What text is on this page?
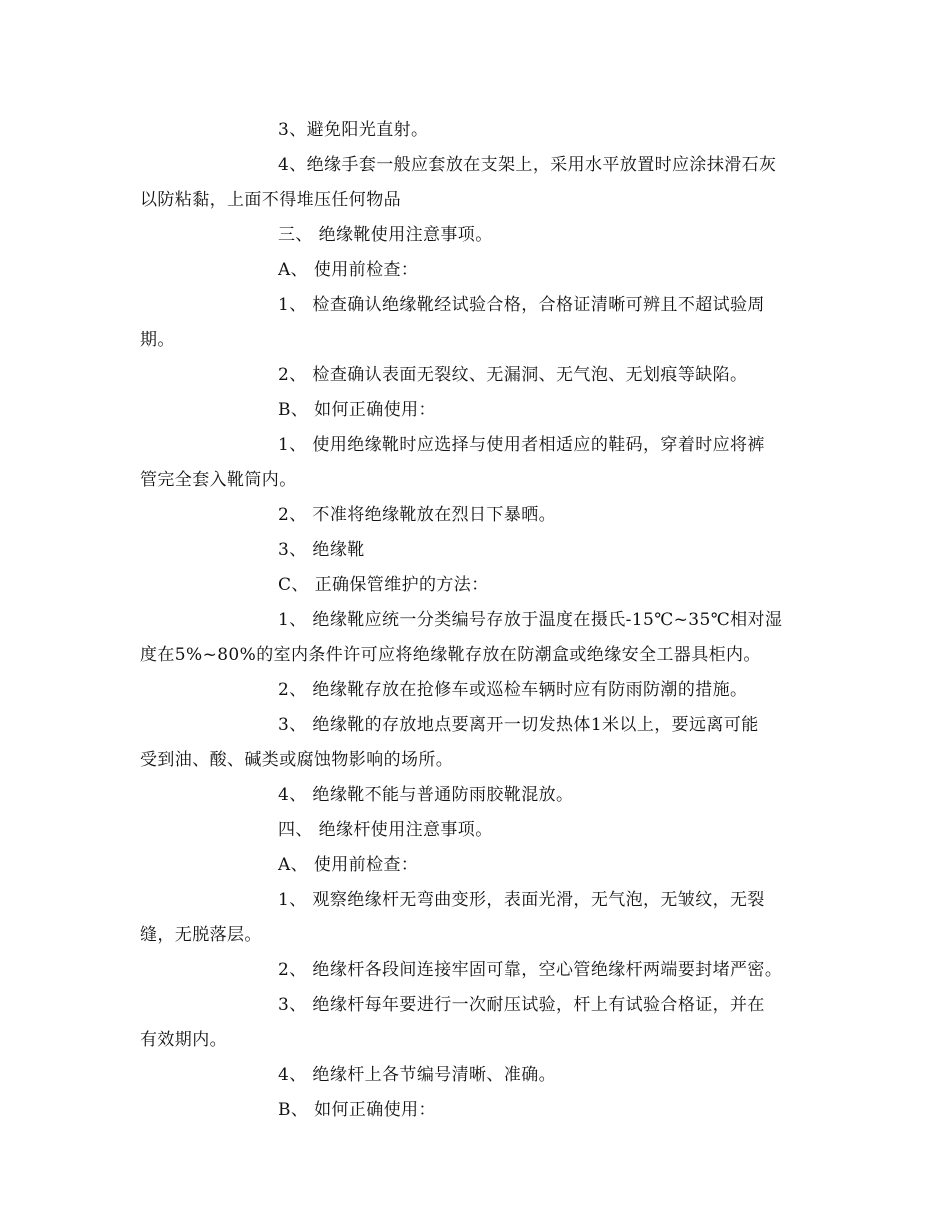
3、避免阳光直射。
4、绝缘手套一般应套放在支架上，采用水平放置时应涂抹滑石灰
以防粘黏，上面不得堆压任何物品
三、 绝缘靴使用注意事项。
A、 使用前检查：
1、 检查确认绝缘靴经试验合格，合格证清晰可辨且不超试验周
期。
2、 检查确认表面无裂纹、无漏洞、无气泡、无划痕等缺陷。
B、 如何正确使用：
1、 使用绝缘靴时应选择与使用者相适应的鞋码，穿着时应将裤
管完全套入靴筒内。
2、 不准将绝缘靴放在烈日下暴晒。
3、 绝缘靴
C、 正确保管维护的方法：
1、 绝缘靴应统一分类编号存放于温度在摄氏-15℃~35℃相对湿
度在5%~80%的室内条件许可应将绝缘靴存放在防潮盒或绝缘安全工器具柜内。
2、 绝缘靴存放在抢修车或巡检车辆时应有防雨防潮的措施。
3、 绝缘靴的存放地点要离开一切发热体1米以上，要远离可能
受到油、酸、碱类或腐蚀物影响的场所。
4、 绝缘靴不能与普通防雨胶靴混放。
四、 绝缘杆使用注意事项。
A、 使用前检查：
1、 观察绝缘杆无弯曲变形，表面光滑，无气泡，无皱纹，无裂
缝，无脱落层。
2、 绝缘杆各段间连接牢固可靠，空心管绝缘杆两端要封堵严密。
3、 绝缘杆每年要进行一次耐压试验，杆上有试验合格证，并在
有效期内。
4、 绝缘杆上各节编号清晰、准确。
B、 如何正确使用：
